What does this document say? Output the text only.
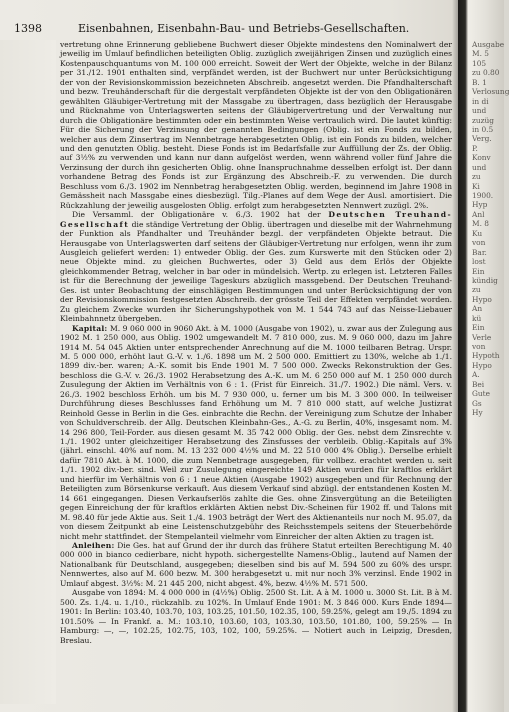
1398	Eisenbahnen, Eisenbahn-Bau- und Betriebs-Gesellschaften.

vertretung ohne Erinnerung gebliebene Buchwert dieser Objekte mindestens den Nominalwert der jeweilig im Umlauf befindlichen beteiligten Oblig. zuzüglich zweijährigen Zinsen und zuzüglich eines Kostenpauschquantums von M. 100 000 erreicht. Soweit der Wert der Objekte, welche in der Bilanz per 31./12. 1901 enthalten sind, verpfändet werden, ist der Buchwert nur unter Berücksichtigung der von der Revisionskommission bezeichneten Abschreib. angesetzt werden. Die Pfandhalterschaft und bezw. Treuhänderschaft für die dergestalt verpfändeten Objekte ist der von den Obligationären gewählten Gläubiger-Vertretung mit der Massgabe zu übertragen, dass bezüglich der Herausgabe und Rücknahme von Unterlagswerten seitens der Gläubigervertretung und der Verwaltung nur durch die Obligationäre bestimmten oder ein bestimmten Weise vertraulich wird. Die lautet künftig: Für die Sicherung der Verzinsung der genannten Bedingungen (Oblig. ist ein Fonds zu bilden, welcher aus dem Zinsertrag im Nennbetrage herabgesetzten Oblig. ist ein Fonds zu bilden, welcher und den genutzten Oblig. besteht. Diese Fonds ist im Bedarfsfalle zur Auffüllung der Zs. der Oblig. auf 3½% zu verwenden und kann nur dann aufgelöst werden, wenn während voller fünf Jahre die Verzinsung der durch ihn gesicherten Oblig. ohne Inanspruchnahme desselben erfolgt ist. Der dann vorhandene Betrag des Fonds ist zur Ergänzung des Abschreib.-F. zu verwenden. Die durch Beschluss vom 6./3. 1902 im Nennbetrag herabgesetzten Oblig. werden, beginnend im Jahre 1908 in Gemässheit nach Massgabe eines diesbezügl. Tilg.-Planes auf dem Wege der Ausl. amortisiert. Die Rückzahlung der jeweilig ausgelosten Oblig. erfolgt zum herabgesetzten Nennwert zuzügl. 2%.

Die Versamml. der Obligationäre v. 6./3. 1902 hat der Deutschen Treuhand-Gesellschaft die ständige Vertretung der Oblig. übertragen und dieselbe mit der Wahrnehmung der Funktion als Pfandhalter und Treuhänder bezgl. der verpfändeten Objekte betraut. Die Herausgabe von Unterlagswerten darf seitens der Gläubiger-Vertretung nur erfolgen, wenn ihr zum Ausgleich geliefert werden: 1) entweder Oblig. der Ges. zum Kurswerte mit den Stücken oder 2) neue Objekte mind. zu gleichen Buchwertes, oder 3) Geld aus dem Erlös der Objekte gleichkommender Betrag, welcher in bar oder in mündelsich. Wertp. zu erlegen ist. Letzteren Falles ist für die Berechnung der jeweilige Tageskurs abzüglich massgebend. Der Deutschen Treuhand-Ges. ist unter Beobachtung der einschlägigen Bestimmungen und unter Berücksichtigung der von der Revisionskommission festgesetzten Abschreib. der grösste Teil der Effekten verpfändet worden. Zu gleichem Zwecke wurden ihr Sicherungshypothek von M. 1 544 743 auf das Neisse-Liebauer Kleinbahnnetz übergeben.

Kapital: M. 9 060 000 in 9060 Akt. à M. 1000 (Ausgabe von 1902), u. zwar aus der Zulegung aus 1902 M. 1 250 000, aus Oblig. 1902 umgewandelt M. 7 810 000, zus. M. 9 060 000, dazu im Jahre 1914 M. 54 045 Aktien unter entsprechender Anrechnung auf die M. 1000 teilbaren Betrag. Urspr. M. 5 000 000, erhöht laut G.-V. v. 1./6. 1898 um M. 2 500 000. Emittiert zu 130%, welche ab 1./1. 1899 div.-ber. waren; A.-K. somit bis Ende 1901 M. 7 500 000. Zwecks Rekonstruktion der Ges. beschloss die G.-V. v. 26./3. 1902 Herabsetzung des A.-K. um M. 6 250 000 auf M. 1 250 000 durch Zusulegung der Aktien im Verhältnis von 6 : 1. (Frist für Einreich. 31./7. 1902.) Die näml. Vers. v. 26./3. 1902 beschloss Erhöh. um bis M. 7 930 000, u. ferner um bis M. 3 300 000. In teilweiser Durchführung dieses Beschlusses fand Erhöhung um M. 7 810 000 statt, auf welche Justizrat Reinhold Gesse in Berlin in die Ges. einbrachte die Rechn. der Vereinigung zum Schutze der Inhaber von Schuldverschreib. der Allg. Deutschen Kleinbahn-Ges., A.-G. zu Berlin, 40%, insgesamt nom. M. 14 296 800, Teil-Forder. aus diesen gesamt M. 35 742 000 Oblig. der Ges. nebst dem Zinsrechte v. 1./1. 1902 unter gleichzeitiger Herabsetzung des Zinsfusses der verbleib. Oblig.-Kapitals auf 3% (jährl. einschl. 40% auf nom. M. 13 232 000 4½% und M. 22 510 000 4% Oblig.). Derselbe erhielt dafür 7810 Akt. à M. 1000, die zum Nennbetrage ausgegeben, für vollbez. erachtet werden u. seit 1./1. 1902 div.-ber. sind. Weil zur Zusulegung eingereichte 149 Aktien wurden für kraftlos erklärt und hierfür im Verhältnis von 6 : 1 neue Aktien (Ausgabe 1902) ausgegeben und für Rechnung der Beteiligten zum Börsenkurse verkauft. Aus diesem Verkauf sind abzügl. der entstandenen Kosten M. 14 661 eingegangen. Diesen Verkaufserlös zahlte die Ges. ohne Zinsvergütung an die Beteiligten gegen Einreichung der für kraftlos erklärten Aktien nebst Div.-Scheinen für 1902 ff. und Talons mit M. 98.40 für jede Aktie aus. Seit 1./4. 1903 beträgt der Wert des Aktienanteils nur noch M. 95.07, da von diesem Zeitpunkt ab eine Leistenschutzgebühr des Reichsstempels seitens der Steuerbehörde nicht mehr stattfindet. der Stempelanteil vielmehr vom Einreicher der alten Aktien zu tragen ist.

Anleihen: Die Ges. hat auf Grund der ihr durch das frühere Statut erteilten Berechtigung M. 40 000 000 in bianco cedierbare, nicht hypoth. sichergestellte Namens-Oblig., lautend auf Namen der Nationalbank für Deutschland, ausgegeben; dieselben sind bis auf M. 594 500 zu 60% des urspr. Nennwertes, also auf M. 600 bezw. M. 300 herabgesetzt u. mit nur noch 3% verzinsl. Ende 1902 in Umlauf abgest. 3½%: M. 21 445 200, nicht abgest. 4%, bezw. 4½% M. 571 500.

Ausgabe von 1894: M. 4 000 000 in (4½%) Oblig. 2500 St. Lit. A à M. 1000 u. 3000 St. Lit. B à M. 500. Zs. 1./4. u. 1./10., rückzahlb. zu 102%. In Umlauf Ende 1901: M. 3 846 000. Kurs Ende 1894—1901: In Berlin: 103.40, 103.70, 103, 103.25, 101.50, 102.35, 100, 59.25%, gelegt am 19./5. 1894 zu 101.50% — In Frankf. a. M.: 103.10, 103.60, 103, 103.30, 103.50, 101.80, 100, 59.25% — In Hamburg: —, —, 102.25, 102.75, 103, 102, 100, 59.25%. — Notiert auch in Leipzig, Dresden, Breslau.

Ausgabe
M. 5
105
zu 0.80
B. 1
Verlosung
in di
und
zuzüg
in 0.5
Verg.
P.
Konv
und
zu
Ki
1900.
Hyp
Anl
M. 8
Ku
von
Bar.
lost
Ein
kündig
zu
Hypo
An
kü
Ein
Verle
von
Hypoth
Hypo
A.
Bei
Gute
Gs
Hy
